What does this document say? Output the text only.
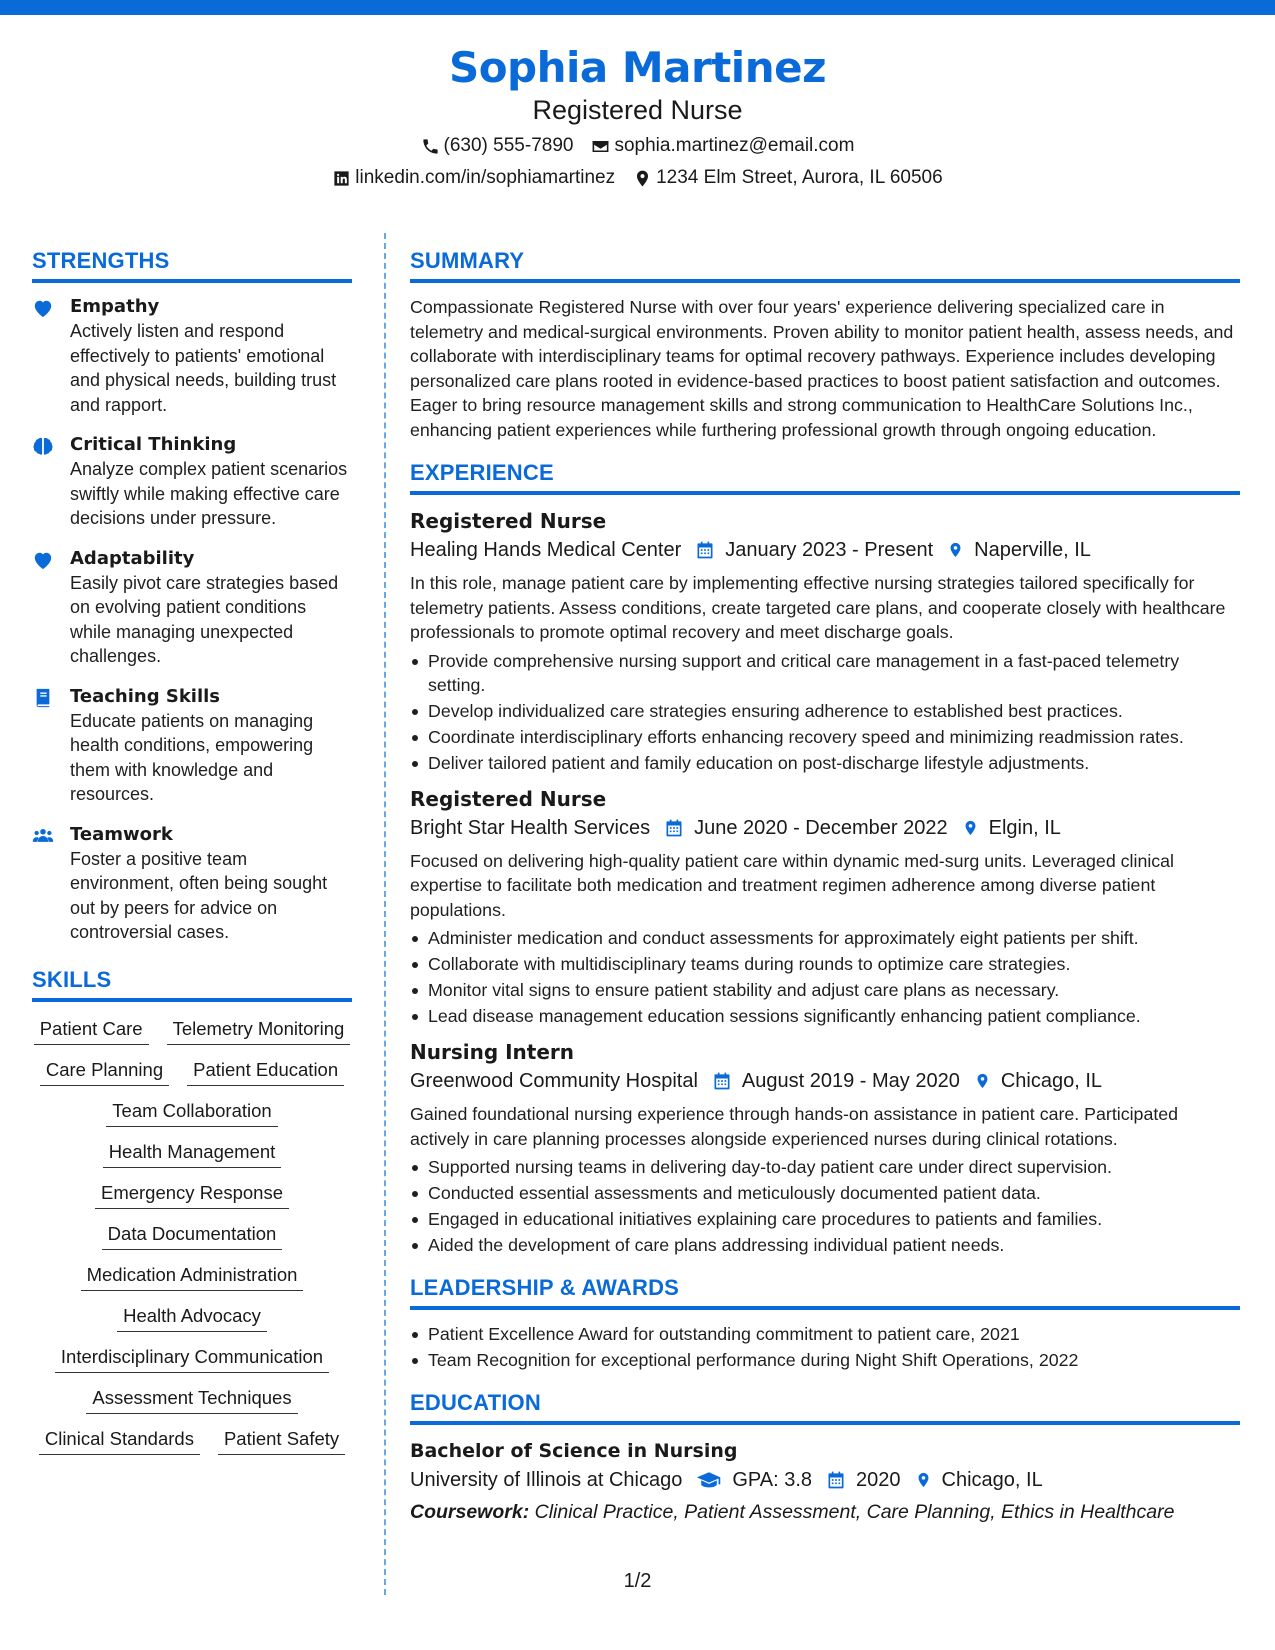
Sophia Martinez
Registered Nurse
(630) 555-7890 sophia.martinez@email.com
linkedin.com/in/sophiamartinez 1234 Elm Street, Aurora, IL 60506
STRENGTHS
Empathy
Actively listen and respond effectively to patients' emotional and physical needs, building trust and rapport.
Critical Thinking
Analyze complex patient scenarios swiftly while making effective care decisions under pressure.
Adaptability
Easily pivot care strategies based on evolving patient conditions while managing unexpected challenges.
Teaching Skills
Educate patients on managing health conditions, empowering them with knowledge and resources.
Teamwork
Foster a positive team environment, often being sought out by peers for advice on controversial cases.
SKILLS
Patient Care	Telemetry Monitoring
Care Planning	Patient Education
Team Collaboration
Health Management
Emergency Response
Data Documentation
Medication Administration
Health Advocacy
Interdisciplinary Communication
Assessment Techniques
Clinical Standards	Patient Safety
SUMMARY
Compassionate Registered Nurse with over four years' experience delivering specialized care in telemetry and medical-surgical environments. Proven ability to monitor patient health, assess needs, and collaborate with interdisciplinary teams for optimal recovery pathways. Experience includes developing personalized care plans rooted in evidence-based practices to boost patient satisfaction and outcomes. Eager to bring resource management skills and strong communication to HealthCare Solutions Inc., enhancing patient experiences while furthering professional growth through ongoing education.
EXPERIENCE
Registered Nurse
Healing Hands Medical Center January 2023 - Present Naperville, IL
In this role, manage patient care by implementing effective nursing strategies tailored specifically for telemetry patients. Assess conditions, create targeted care plans, and cooperate closely with healthcare professionals to promote optimal recovery and meet discharge goals.
Provide comprehensive nursing support and critical care management in a fast-paced telemetry setting.
Develop individualized care strategies ensuring adherence to established best practices.
Coordinate interdisciplinary efforts enhancing recovery speed and minimizing readmission rates.
Deliver tailored patient and family education on post-discharge lifestyle adjustments.
Registered Nurse
Bright Star Health Services June 2020 - December 2022 Elgin, IL
Focused on delivering high-quality patient care within dynamic med-surg units. Leveraged clinical expertise to facilitate both medication and treatment regimen adherence among diverse patient populations.
Administer medication and conduct assessments for approximately eight patients per shift.
Collaborate with multidisciplinary teams during rounds to optimize care strategies.
Monitor vital signs to ensure patient stability and adjust care plans as necessary.
Lead disease management education sessions significantly enhancing patient compliance.
Nursing Intern
Greenwood Community Hospital August 2019 - May 2020 Chicago, IL
Gained foundational nursing experience through hands-on assistance in patient care. Participated actively in care planning processes alongside experienced nurses during clinical rotations.
Supported nursing teams in delivering day-to-day patient care under direct supervision.
Conducted essential assessments and meticulously documented patient data.
Engaged in educational initiatives explaining care procedures to patients and families.
Aided the development of care plans addressing individual patient needs.
LEADERSHIP & AWARDS
Patient Excellence Award for outstanding commitment to patient care, 2021
Team Recognition for exceptional performance during Night Shift Operations, 2022
EDUCATION
Bachelor of Science in Nursing
University of Illinois at Chicago	GPA: 3.8 2020 Chicago, IL
Coursework: Clinical Practice, Patient Assessment, Care Planning, Ethics in Healthcare
1/2
